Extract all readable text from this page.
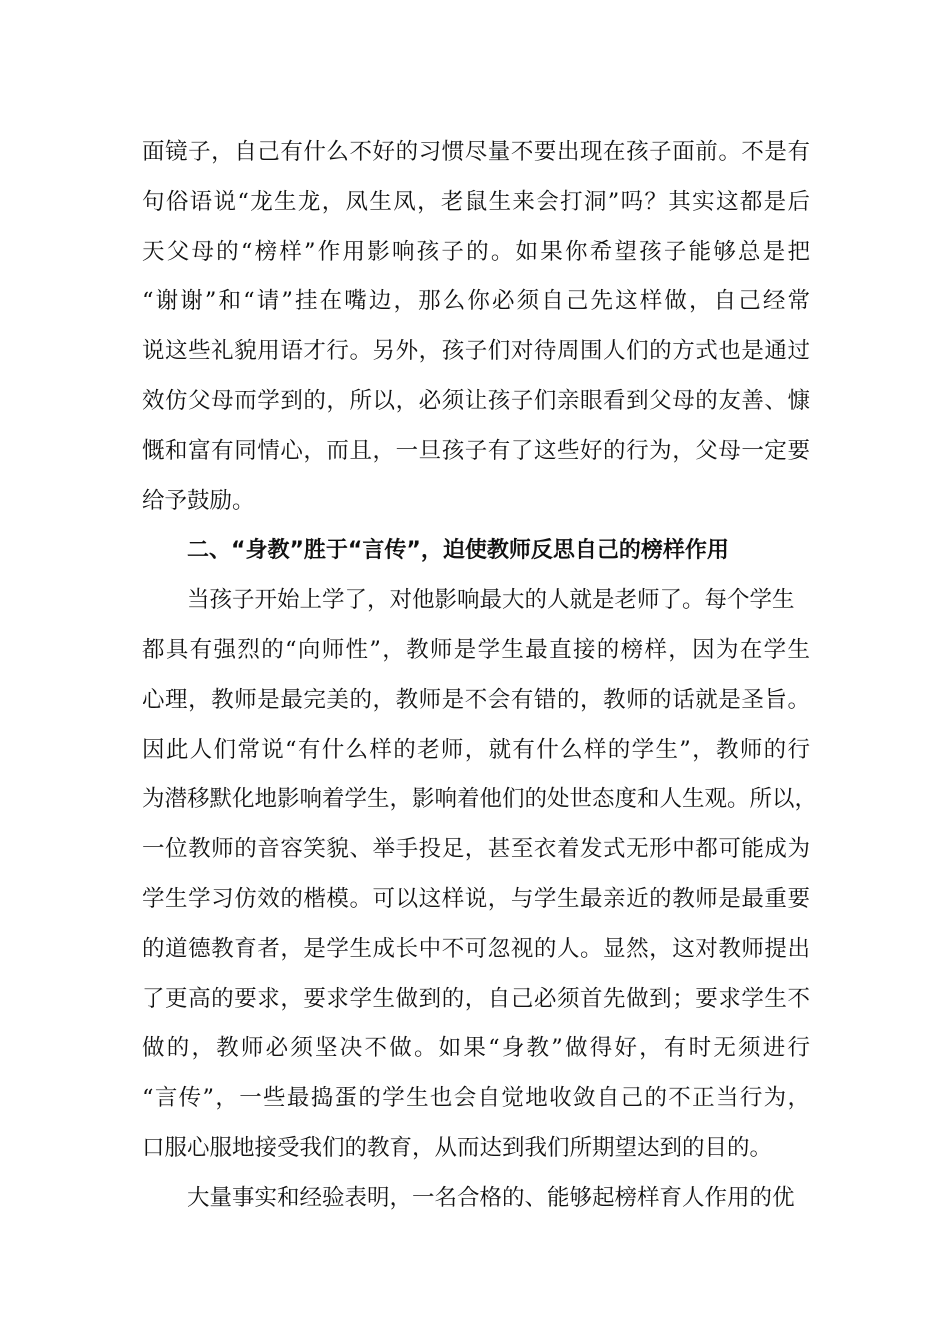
面镜子，自己有什么不好的习惯尽量不要出现在孩子面前。不是有
句俗语说“龙生龙，凤生凤，老鼠生来会打洞”吗？其实这都是后
天父母的“榜样”作用影响孩子的。如果你希望孩子能够总是把
“谢谢”和“请”挂在嘴边，那么你必须自己先这样做，自己经常
说这些礼貌用语才行。另外，孩子们对待周围人们的方式也是通过
效仿父母而学到的，所以，必须让孩子们亲眼看到父母的友善、慷
慨和富有同情心，而且，一旦孩子有了这些好的行为，父母一定要
给予鼓励。
二、“身教”胜于“言传”，迫使教师反思自己的榜样作用
当孩子开始上学了，对他影响最大的人就是老师了。每个学生
都具有强烈的“向师性”，教师是学生最直接的榜样，因为在学生
心理，教师是最完美的，教师是不会有错的，教师的话就是圣旨。
因此人们常说“有什么样的老师，就有什么样的学生”，教师的行
为潜移默化地影响着学生，影响着他们的处世态度和人生观。所以，
一位教师的音容笑貌、举手投足，甚至衣着发式无形中都可能成为
学生学习仿效的楷模。可以这样说，与学生最亲近的教师是最重要
的道德教育者，是学生成长中不可忽视的人。显然，这对教师提出
了更高的要求，要求学生做到的，自己必须首先做到；要求学生不
做的，教师必须坚决不做。如果“身教”做得好，有时无须进行
“言传”，一些最捣蛋的学生也会自觉地收敛自己的不正当行为，
口服心服地接受我们的教育，从而达到我们所期望达到的目的。
大量事实和经验表明，一名合格的、能够起榜样育人作用的优
